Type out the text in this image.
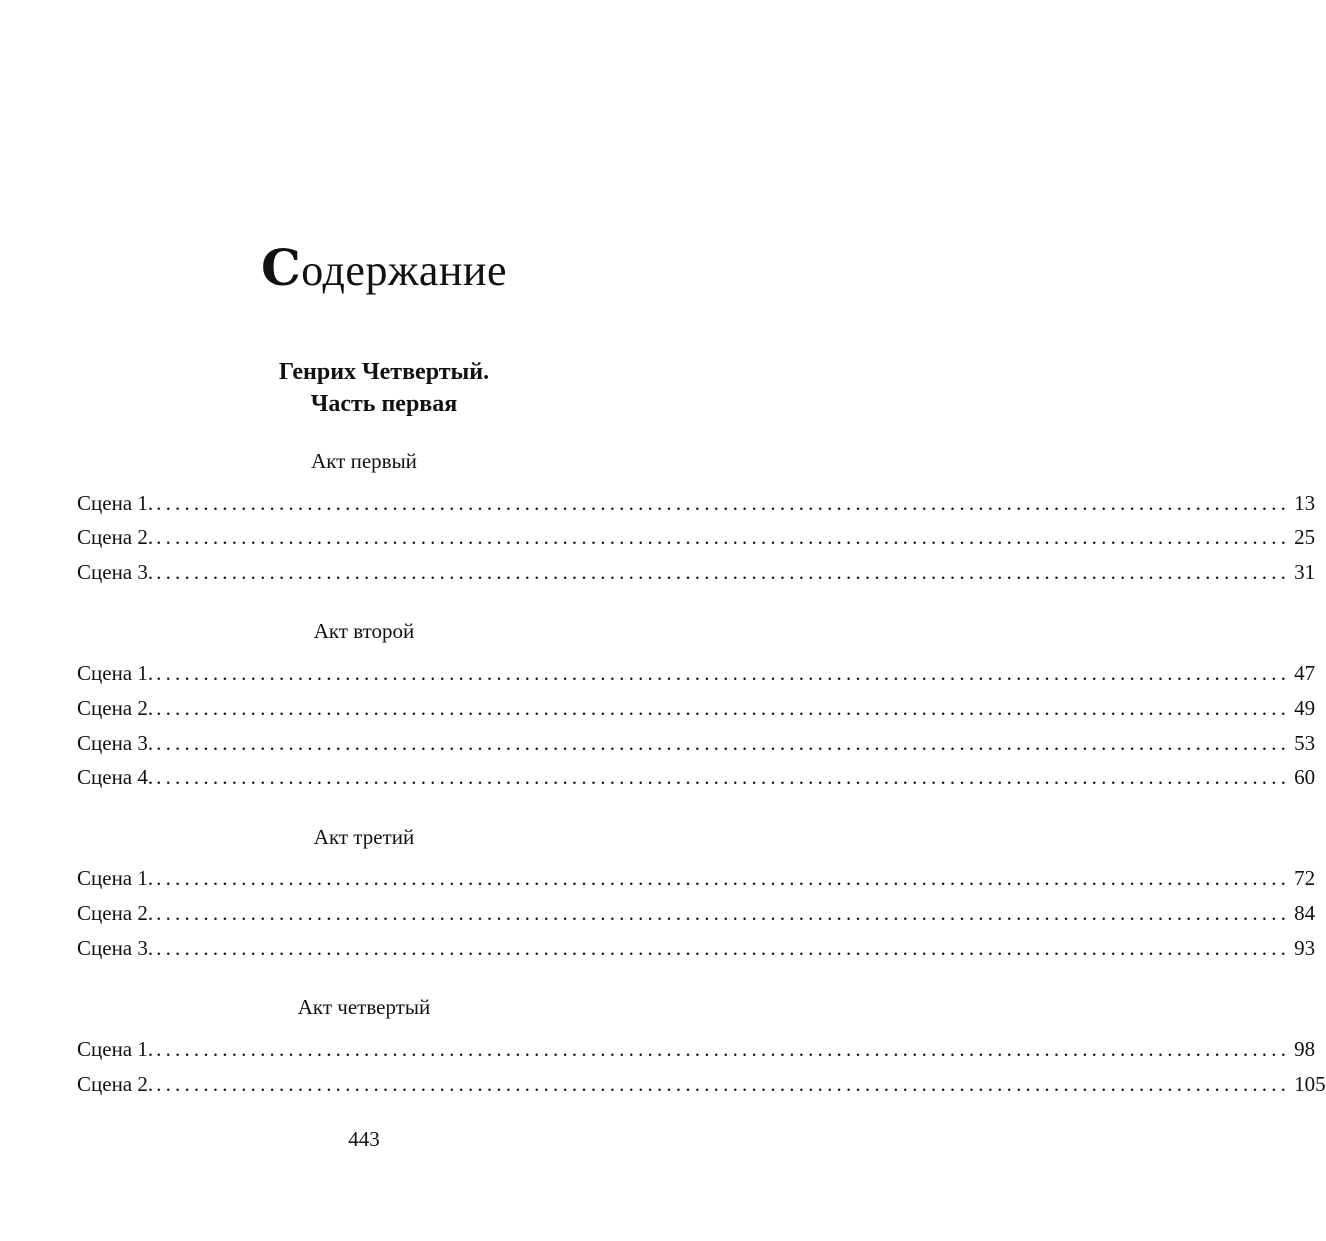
Содержание
Генрих Четвертый.
Часть первая
Акт первый
Сцена 1. ........................................................................................................................ 13
Сцена 2. ........................................................................................................................ 25
Сцена 3. ........................................................................................................................ 31
Акт второй
Сцена 1. ........................................................................................................................ 47
Сцена 2. ........................................................................................................................ 49
Сцена 3. ........................................................................................................................ 53
Сцена 4. ........................................................................................................................ 60
Акт третий
Сцена 1. ........................................................................................................................ 72
Сцена 2. ........................................................................................................................ 84
Сцена 3. ........................................................................................................................ 93
Акт четвертый
Сцена 1. ........................................................................................................................ 98
Сцена 2. ........................................................................................................................ 105
443
